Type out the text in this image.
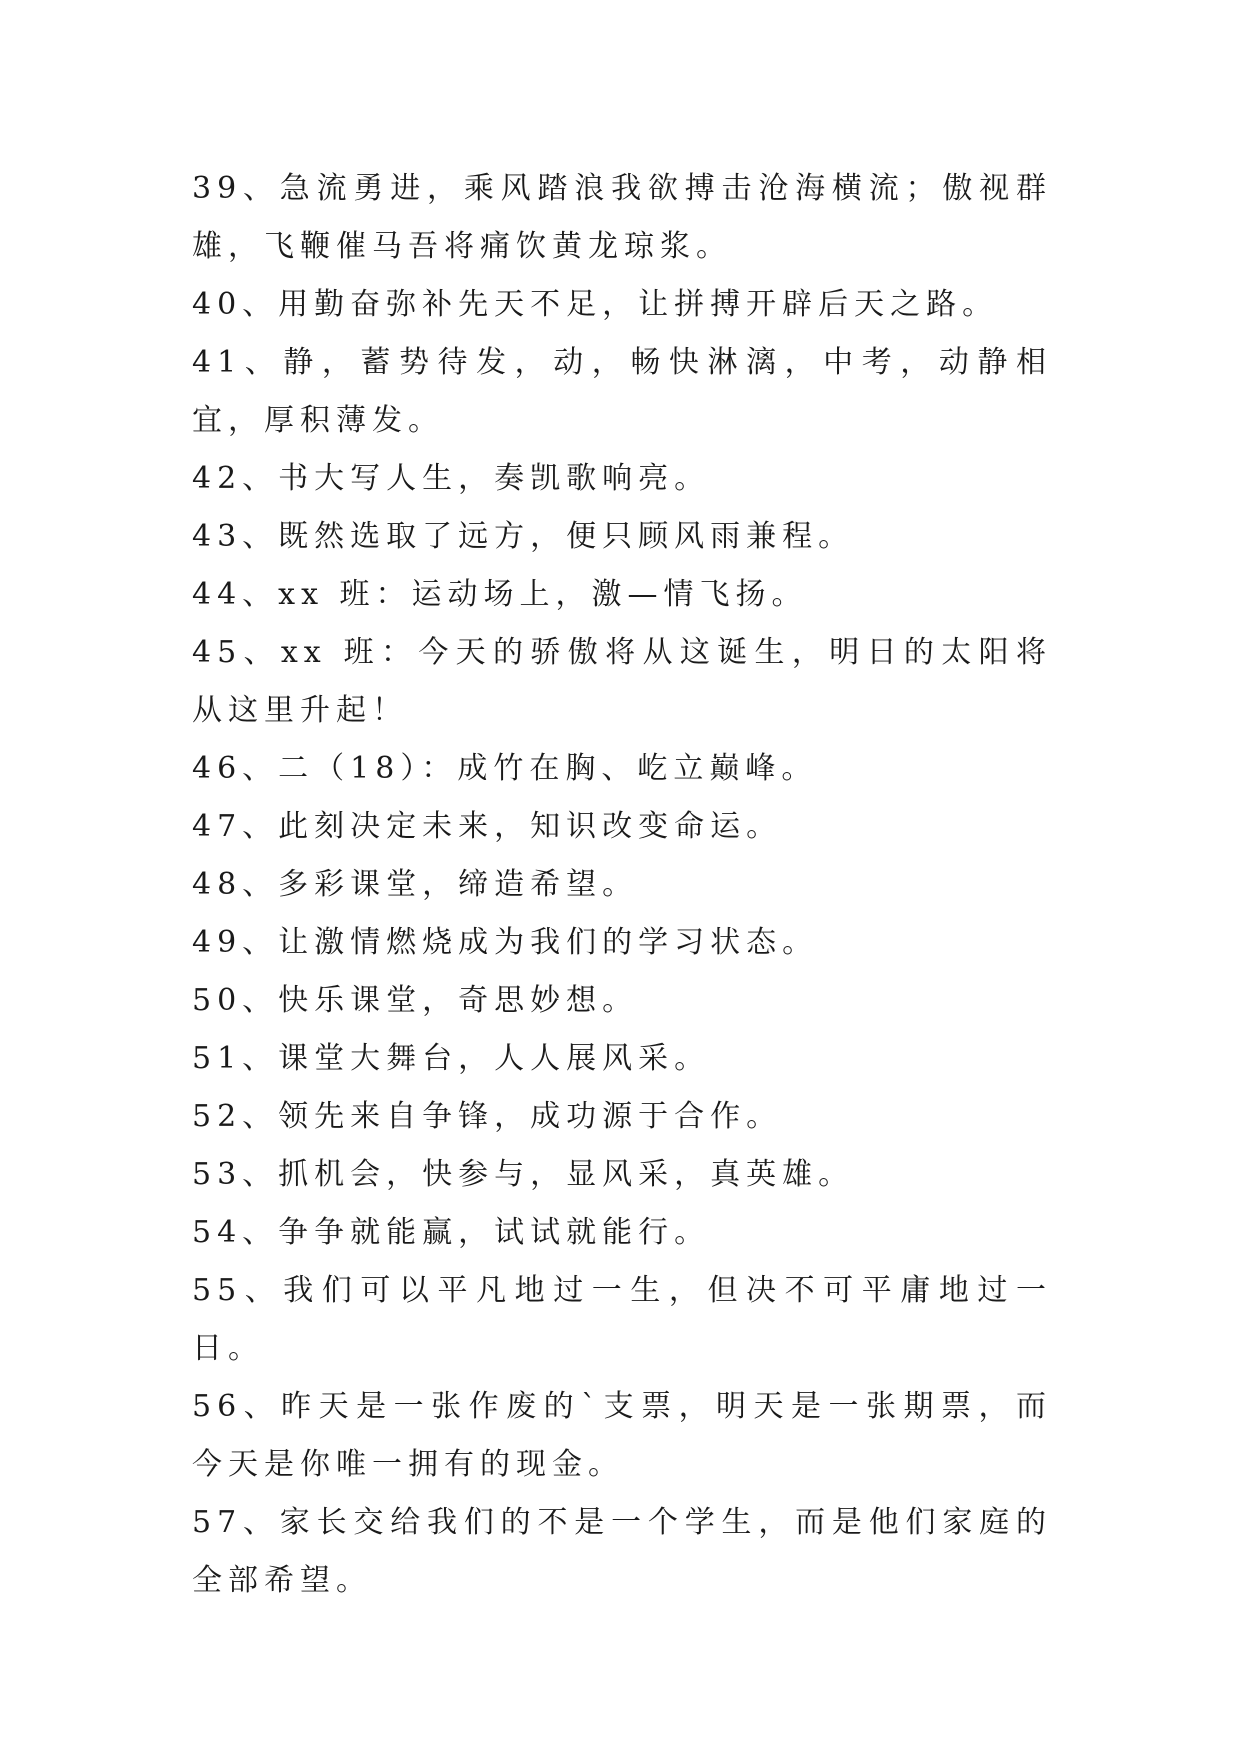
39、急流勇进，乘风踏浪我欲搏击沧海横流；傲视群雄，飞鞭催马吾将痛饮黄龙琼浆。

40、用勤奋弥补先天不足，让拼搏开辟后天之路。

41、静，蓄势待发，动，畅快淋漓，中考，动静相宜，厚积薄发。

42、书大写人生，奏凯歌响亮。

43、既然选取了远方，便只顾风雨兼程。

44、xx 班：运动场上，激—情飞扬。

45、xx 班：今天的骄傲将从这诞生，明日的太阳将从这里升起！

46、二（18）：成竹在胸、屹立巅峰。

47、此刻决定未来，知识改变命运。

48、多彩课堂，缔造希望。

49、让激情燃烧成为我们的学习状态。

50、快乐课堂，奇思妙想。

51、课堂大舞台，人人展风采。

52、领先来自争锋，成功源于合作。

53、抓机会，快参与，显风采，真英雄。

54、争争就能赢，试试就能行。

55、我们可以平凡地过一生，但决不可平庸地过一日。

56、昨天是一张作废的`支票，明天是一张期票，而今天是你唯一拥有的现金。

57、家长交给我们的不是一个学生，而是他们家庭的全部希望。
